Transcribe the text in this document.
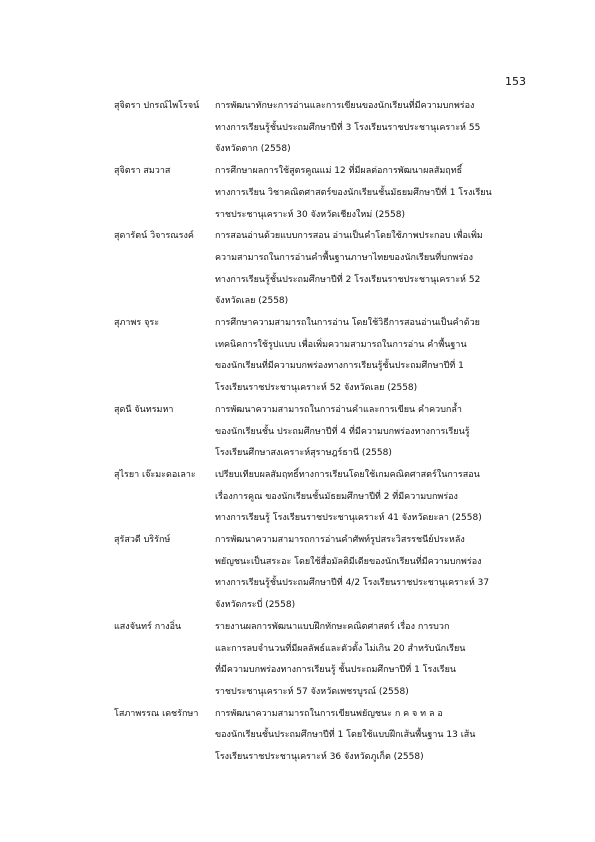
153
สุจิตรา ปกรณ์ไพโรจน์	การพัฒนาทักษะการอ่านและการเขียนของนักเรียนที่มีความบกพร่อง
ทางการเรียนรู้ชั้นประถมศึกษาปีที่ 3 โรงเรียนราชประชานุเคราะห์ 55
จังหวัดตาก (2558)
สุจิตรา สมวาส	การศึกษาผลการใช้สูตรคูณแม่ 12 ที่มีผลต่อการพัฒนาผลสัมฤทธิ์
ทางการเรียน วิชาคณิตศาสตร์ของนักเรียนชั้นมัธยมศึกษาปีที่ 1 โรงเรียน
ราชประชานุเคราะห์ 30 จังหวัดเชียงใหม่ (2558)
สุดารัตน์ วิจารณรงค์	การสอนอ่านด้วยแบบการสอน อ่านเป็นคำโดยใช้ภาพประกอบ เพื่อเพิ่ม
ความสามารถในการอ่านคำพื้นฐานภาษาไทยของนักเรียนที่บกพร่อง
ทางการเรียนรู้ชั้นประถมศึกษาปีที่ 2 โรงเรียนราชประชานุเคราะห์ 52
จังหวัดเลย (2558)
สุภาพร จุระ	การศึกษาความสามารถในการอ่าน โดยใช้วิธีการสอนอ่านเป็นคำด้วย
เทคนิคการใช้รูปแบบ เพื่อเพิ่มความสามารถในการอ่าน คำพื้นฐาน
ของนักเรียนที่มีความบกพร่องทางการเรียนรู้ชั้นประถมศึกษาปีที่ 1
โรงเรียนราชประชานุเคราะห์ 52 จังหวัดเลย (2558)
สุดนี จันทรมหา	การพัฒนาความสามารถในการอ่านคำและการเขียน คำควบกล้ำ
ของนักเรียนชั้น ประถมศึกษาปีที่ 4 ที่มีความบกพร่องทางการเรียนรู้
โรงเรียนศึกษาสงเคราะห์สุราษฎร์ธานี (2558)
สุไรยา เจ๊ะมะดอเลาะ	เปรียบเทียบผลสัมฤทธิ์ทางการเรียนโดยใช้เกมคณิตศาสตร์ในการสอน
เรื่องการคูณ ของนักเรียนชั้นมัธยมศึกษาปีที่ 2 ที่มีความบกพร่อง
ทางการเรียนรู้ โรงเรียนราชประชานุเคราะห์ 41 จังหวัดยะลา (2558)
สุรัสวดี บริรักษ์	การพัฒนาความสามารถการอ่านคำศัพท์รูปสระวิสรรชนีย์ประหลัง
พยัญชนะเป็นสระอะ โดยใช้สื่อมัลติมีเดียของนักเรียนที่มีความบกพร่อง
ทางการเรียนรู้ชั้นประถมศึกษาปีที่ 4/2 โรงเรียนราชประชานุเคราะห์ 37
จังหวัดกระบี่ (2558)
แสงจันทร์ กางอิ่น	รายงานผลการพัฒนาแบบฝึกทักษะคณิตศาสตร์ เรื่อง การบวก
และการลบจำนวนที่มีผลลัพธ์และตัวตั้ง ไม่เกิน 20 สำหรับนักเรียน
ที่มีความบกพร่องทางการเรียนรู้ ชั้นประถมศึกษาปีที่ 1 โรงเรียน
ราชประชานุเคราะห์ 57 จังหวัดเพชรบูรณ์ (2558)
โสภาพรรณ เดชรักษา	การพัฒนาความสามารถในการเขียนพยัญชนะ ก ค จ ท ล อ
ของนักเรียนชั้นประถมศึกษาปีที่ 1 โดยใช้แบบฝึกเส้นพื้นฐาน 13 เส้น
โรงเรียนราชประชานุเคราะห์ 36 จังหวัดภูเก็ต (2558)
